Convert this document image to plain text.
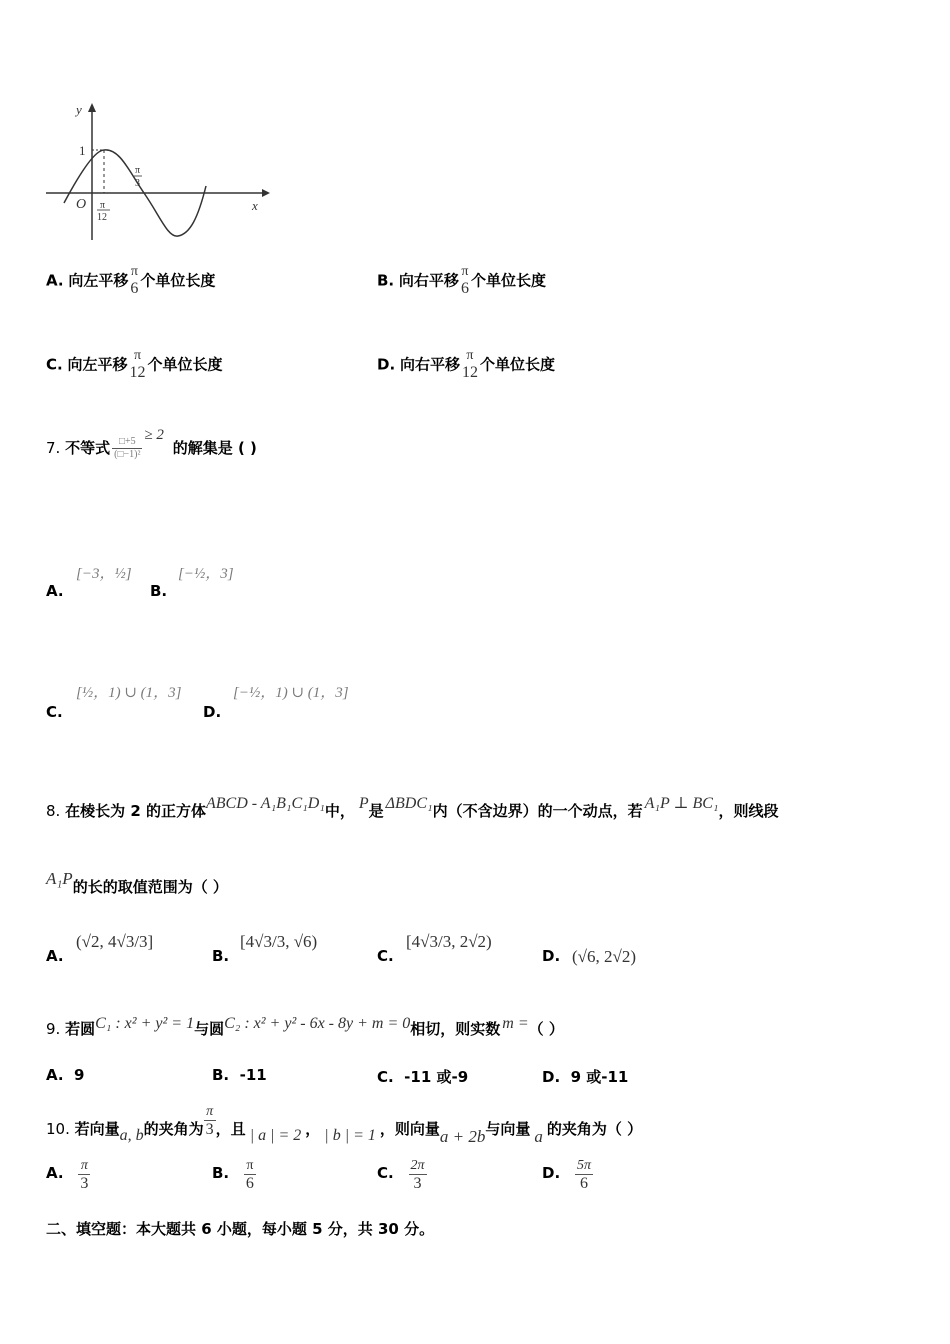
y
x
O
1
π
12
π
3
A. 向左平移 π
6 个单位长度	B. 向右平移 π
6 个单位长度
C. 向左平移 π
12 个单位长度	D. 向右平移 π
12 个单位长度
7. 不等式 $\frac{□+5}{\text{(□−1)²}}$
≥ 2 的解集是 ( )
A.
[−3，½]
B.
[−½，3]
C.
[½，1) ∪ (1，3]
D.
[−½，1) ∪ (1，3]
8. 在棱长为 2 的正方体ABCD - A₁B₁C₁D₁中， P是 ΔBDC₁内（不含边界）的一个动点，若 A₁P ⊥ BC₁，则线段
A₁P的长的取值范围为（ ）
A.
(√2, 4√3/3]
B.
[4√3/3, √6)
C.
[4√3/3, 2√2)
D. (√6, 2√2)
9. 若圆C₁ : x² + y² = 1与圆C₂ : x² + y² - 6x - 8y + m = 0相切，则实数 m =（ ）
A. 9	B. -11	C. -11 或-9	D. 9 或-11
10. 若向量a, b的夹角为 $\frac{\pi}{3}$ ，且 | a | = 2 ， | b | = 1 ，则向量a + 2b与向量 a 的夹角为（ ）
A. $\frac{\pi}{3}$	B. $\frac{\pi}{6}$	C. $\frac{2\pi}{3}$	D. $\frac{5\pi}{6}$
二、填空题：本大题共 6 小题，每小题 5 分，共 30 分。
